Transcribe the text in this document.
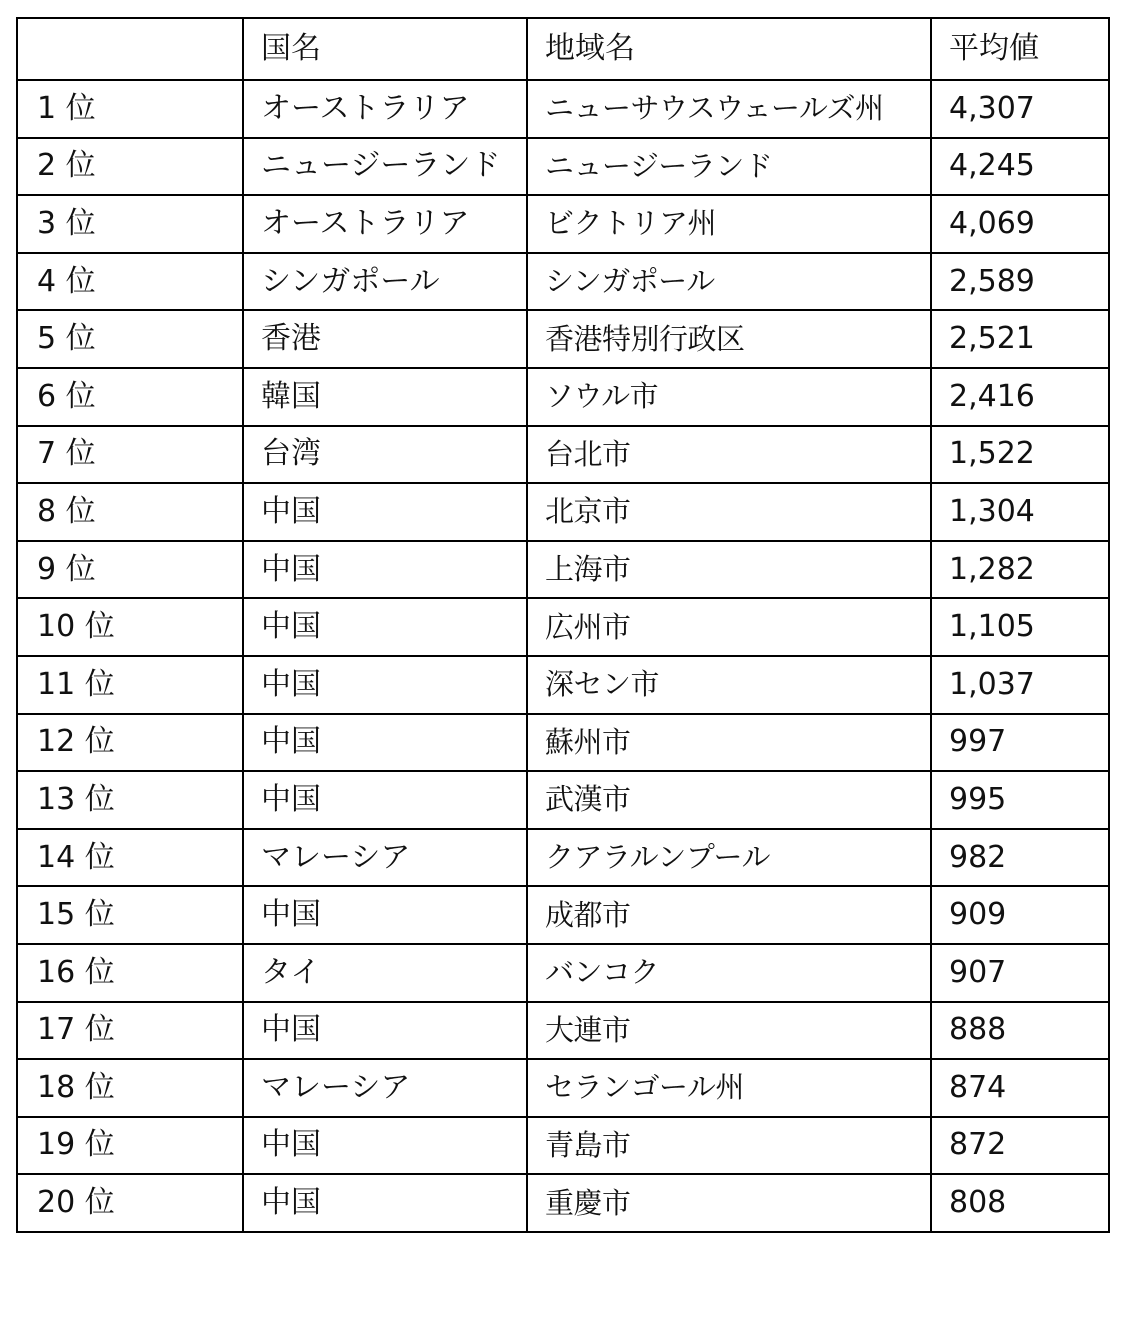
	国名	地域名	平均値
1 位	オーストラリア	ニューサウスウェールズ州	4,307
2 位	ニュージーランド	ニュージーランド	4,245
3 位	オーストラリア	ビクトリア州	4,069
4 位	シンガポール	シンガポール	2,589
5 位	香港	香港特別行政区	2,521
6 位	韓国	ソウル市	2,416
7 位	台湾	台北市	1,522
8 位	中国	北京市	1,304
9 位	中国	上海市	1,282
10 位	中国	広州市	1,105
11 位	中国	深セン市	1,037
12 位	中国	蘇州市	997
13 位	中国	武漢市	995
14 位	マレーシア	クアラルンプール	982
15 位	中国	成都市	909
16 位	タイ	バンコク	907
17 位	中国	大連市	888
18 位	マレーシア	セランゴール州	874
19 位	中国	青島市	872
20 位	中国	重慶市	808
